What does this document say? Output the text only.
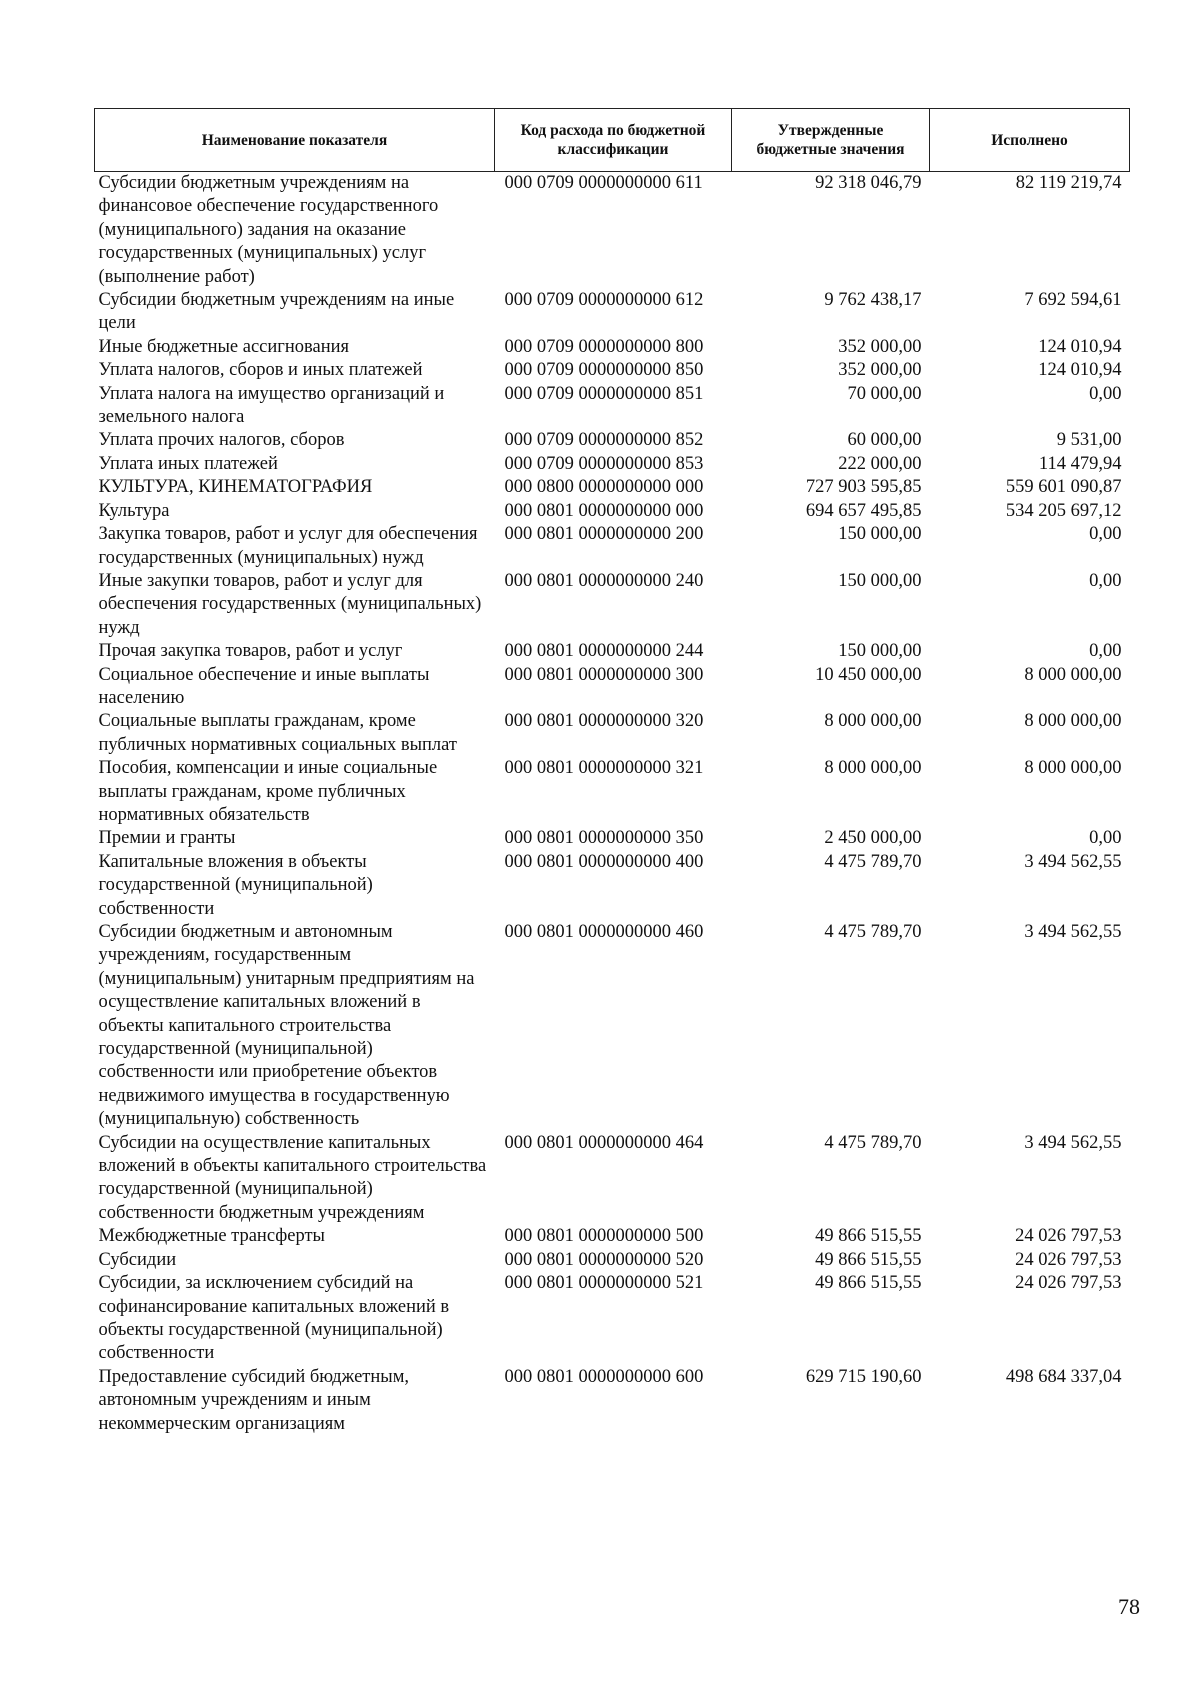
Наименование показателя	Код расхода по бюджетной классификации	Утвержденные бюджетные значения	Исполнено
Субсидии бюджетным учреждениям на финансовое обеспечение государственного (муниципального) задания на оказание государственных (муниципальных) услуг (выполнение работ)	000 0709 0000000000 611	92 318 046,79	82 119 219,74
Субсидии бюджетным учреждениям на иные цели	000 0709 0000000000 612	9 762 438,17	7 692 594,61
Иные бюджетные ассигнования	000 0709 0000000000 800	352 000,00	124 010,94
Уплата налогов, сборов и иных платежей	000 0709 0000000000 850	352 000,00	124 010,94
Уплата налога на имущество организаций и земельного налога	000 0709 0000000000 851	70 000,00	0,00
Уплата прочих налогов, сборов	000 0709 0000000000 852	60 000,00	9 531,00
Уплата иных платежей	000 0709 0000000000 853	222 000,00	114 479,94
КУЛЬТУРА, КИНЕМАТОГРАФИЯ	000 0800 0000000000 000	727 903 595,85	559 601 090,87
Культура	000 0801 0000000000 000	694 657 495,85	534 205 697,12
Закупка товаров, работ и услуг для обеспечения государственных (муниципальных) нужд	000 0801 0000000000 200	150 000,00	0,00
Иные закупки товаров, работ и услуг для обеспечения государственных (муниципальных) нужд	000 0801 0000000000 240	150 000,00	0,00
Прочая закупка товаров, работ и услуг	000 0801 0000000000 244	150 000,00	0,00
Социальное обеспечение и иные выплаты населению	000 0801 0000000000 300	10 450 000,00	8 000 000,00
Социальные выплаты гражданам, кроме публичных нормативных социальных выплат	000 0801 0000000000 320	8 000 000,00	8 000 000,00
Пособия, компенсации и иные социальные выплаты гражданам, кроме публичных нормативных обязательств	000 0801 0000000000 321	8 000 000,00	8 000 000,00
Премии и гранты	000 0801 0000000000 350	2 450 000,00	0,00
Капитальные вложения в объекты государственной (муниципальной) собственности	000 0801 0000000000 400	4 475 789,70	3 494 562,55
Субсидии бюджетным и автономным учреждениям, государственным (муниципальным) унитарным предприятиям на осуществление капитальных вложений в объекты капитального строительства государственной (муниципальной) собственности или приобретение объектов недвижимого имущества в государственную (муниципальную) собственность	000 0801 0000000000 460	4 475 789,70	3 494 562,55
Субсидии на осуществление капитальных вложений в объекты капитального строительства государственной (муниципальной) собственности бюджетным учреждениям	000 0801 0000000000 464	4 475 789,70	3 494 562,55
Межбюджетные трансферты	000 0801 0000000000 500	49 866 515,55	24 026 797,53
Субсидии	000 0801 0000000000 520	49 866 515,55	24 026 797,53
Субсидии, за исключением субсидий на софинансирование капитальных вложений в объекты государственной (муниципальной) собственности	000 0801 0000000000 521	49 866 515,55	24 026 797,53
Предоставление субсидий бюджетным, автономным учреждениям и иным некоммерческим организациям	000 0801 0000000000 600	629 715 190,60	498 684 337,04
78
